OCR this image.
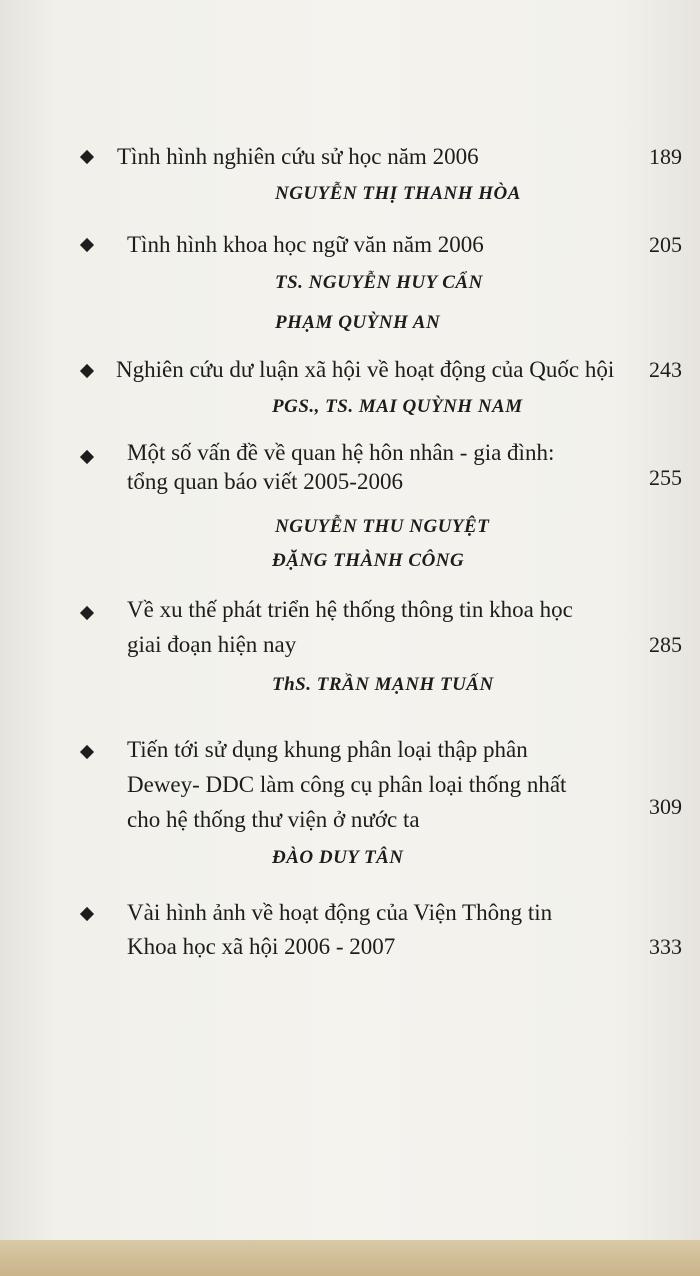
Tình hình nghiên cứu sử học năm 2006	189
NGUYỄN THỊ THANH HÒA
Tình hình khoa học ngữ văn năm 2006	205
TS. NGUYỄN HUY CẨN
PHẠM QUỲNH AN
Nghiên cứu dư luận xã hội về hoạt động của Quốc hội 243
PGS., TS. MAI QUỲNH NAM
Một số vấn đề về quan hệ hôn nhân - gia đình:
tổng quan báo viết 2005-2006	255
NGUYỄN THU NGUYỆT
ĐẶNG THÀNH CÔNG
Về xu thế phát triển hệ thống thông tin khoa học
giai đoạn hiện nay	285
ThS. TRẦN MẠNH TUẤN
Tiến tới sử dụng khung phân loại thập phân
Dewey- DDC làm công cụ phân loại thống nhất
cho hệ thống thư viện ở nước ta
309
ĐÀO DUY TÂN
Vài hình ảnh về hoạt động của Viện Thông tin
Khoa học xã hội 2006 - 2007	333
